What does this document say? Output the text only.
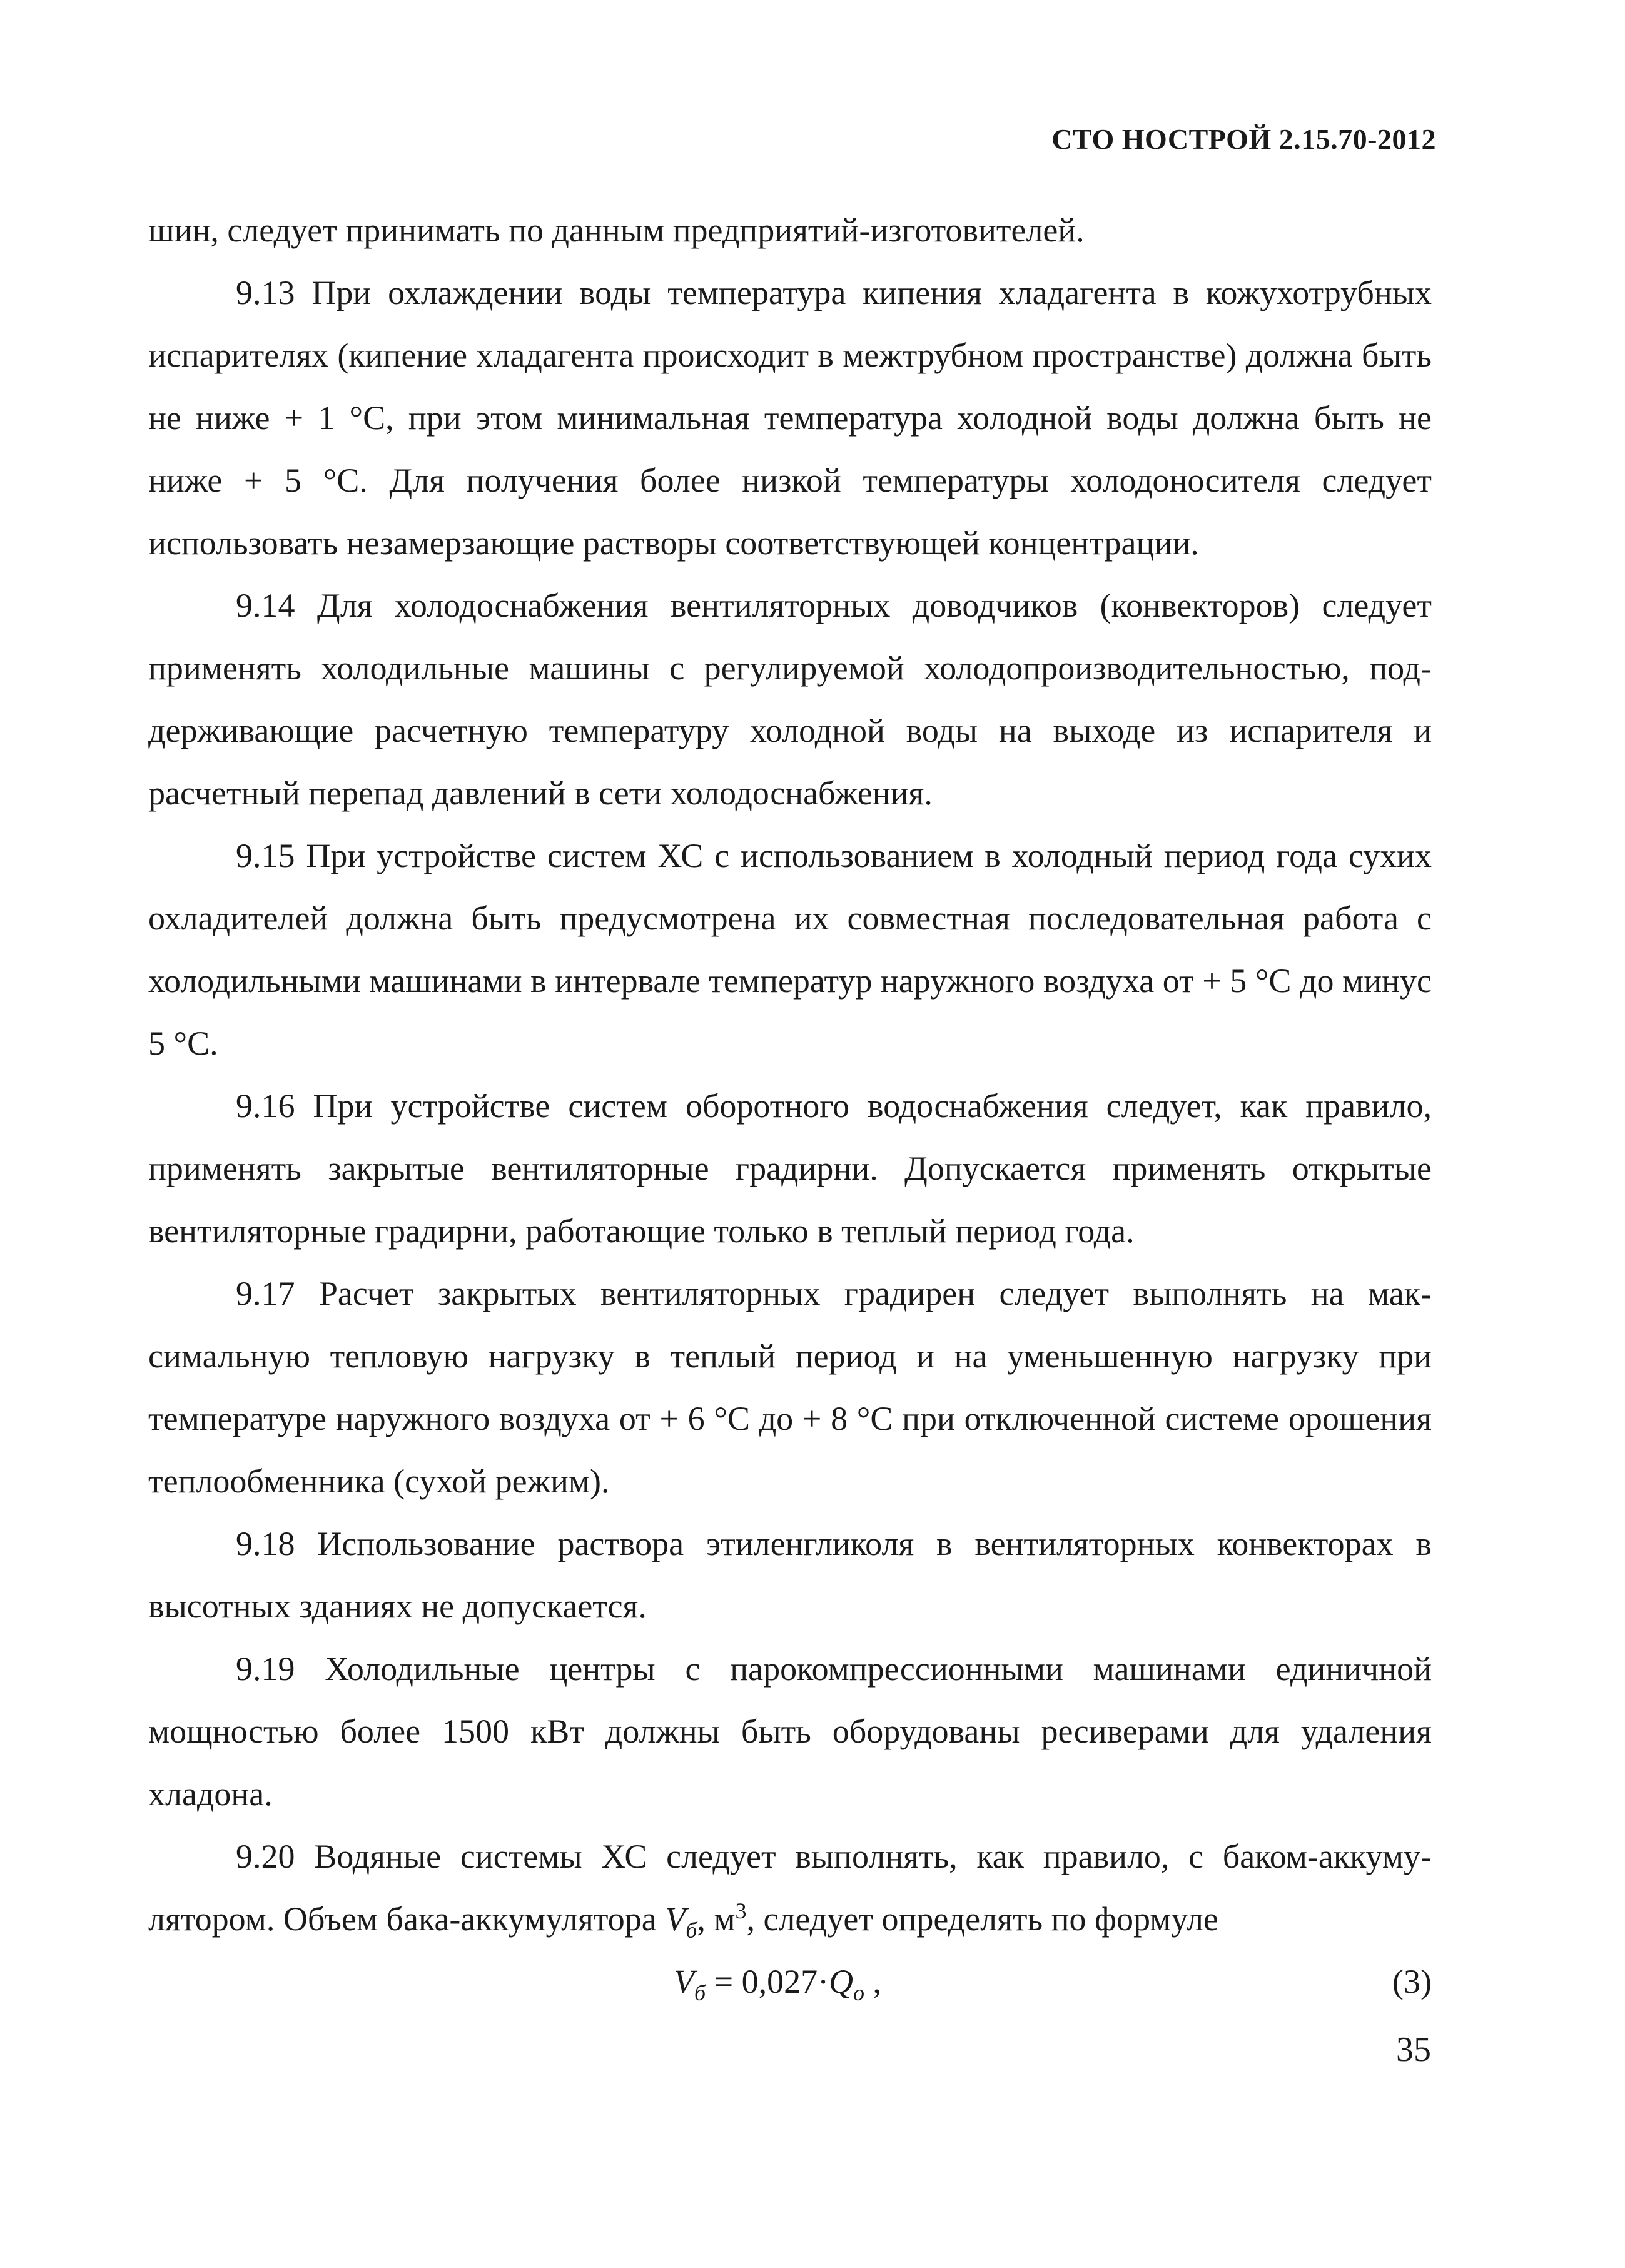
СТО НОСТРОЙ 2.15.70-2012

шин, следует принимать по данным предприятий-изготовителей.

9.13 При охлаждении воды температура кипения хладагента в кожухотрубных испарителях (кипение хладагента происходит в межтрубном пространстве) должна быть не ниже + 1 °C, при этом минимальная температура холодной воды должна быть не ниже + 5 °C. Для получения более низкой температуры холодоносителя следует использовать незамерзающие растворы соответствующей концентрации.

9.14 Для холодоснабжения вентиляторных доводчиков (конвекторов) следует применять холодильные машины с регулируемой холодопроизводительностью, поддерживающие расчетную температуру холодной воды на выходе из испарителя и расчетный перепад давлений в сети холодоснабжения.

9.15 При устройстве систем ХС с использованием в холодный период года сухих охладителей должна быть предусмотрена их совместная последовательная работа с холодильными машинами в интервале температур наружного воздуха от + 5 °C до минус 5 °C.

9.16 При устройстве систем оборотного водоснабжения следует, как правило, применять закрытые вентиляторные градирни. Допускается применять открытые вентиляторные градирни, работающие только в теплый период года.

9.17 Расчет закрытых вентиляторных градирен следует выполнять на максимальную тепловую нагрузку в теплый период и на уменьшенную нагрузку при температуре наружного воздуха от + 6 °C до + 8 °C при отключенной системе орошения теплообменника (сухой режим).

9.18 Использование раствора этиленгликоля в вентиляторных конвекторах в высотных зданиях не допускается.

9.19 Холодильные центры с парокомпрессионными машинами единичной мощностью более 1500 кВт должны быть оборудованы ресиверами для удаления хладона.

9.20 Водяные системы ХС следует выполнять, как правило, с баком-аккумулятором. Объем бака-аккумулятора $V_б$, $м^3$, следует определять по формуле

$V_б = 0,027\cdot Q_o$ ,	(3)
35
